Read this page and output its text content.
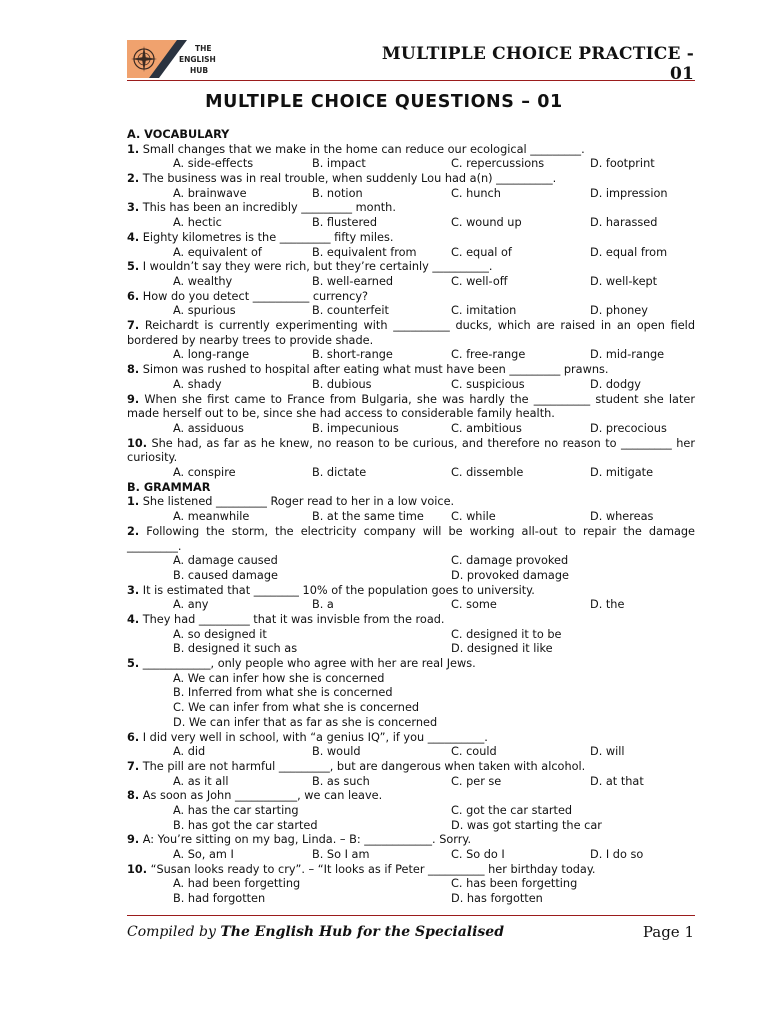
THE
ENGLISH
HUB
MULTIPLE CHOICE PRACTICE - 01
MULTIPLE CHOICE QUESTIONS – 01
A. VOCABULARY
1. Small changes that we make in the home can reduce our ecological _________.
A. side-effects	B. impact	C. repercussions	D. footprint
2. The business was in real trouble, when suddenly Lou had a(n) __________.
A. brainwave	B. notion	C. hunch	D. impression
3. This has been an incredibly _________ month.
A. hectic	B. flustered	C. wound up	D. harassed
4. Eighty kilometres is the _________ fifty miles.
A. equivalent of	B. equivalent from	C. equal of	D. equal from
5. I wouldn’t say they were rich, but they’re certainly __________.
A. wealthy	B. well-earned	C. well-off	D. well-kept
6. How do you detect __________ currency?
A. spurious	B. counterfeit	C. imitation	D. phoney
7. Reichardt is currently experimenting with __________ ducks, which are raised in an open field bordered by nearby trees to provide shade.
A. long-range	B. short-range	C. free-range	D. mid-range
8. Simon was rushed to hospital after eating what must have been _________ prawns.
A. shady	B. dubious	C. suspicious	D. dodgy
9. When she first came to France from Bulgaria, she was hardly the __________ student she later made herself out to be, since she had access to considerable family health.
A. assiduous	B. impecunious	C. ambitious	D. precocious
10. She had, as far as he knew, no reason to be curious, and therefore no reason to _________ her curiosity.
A. conspire	B. dictate	C. dissemble	D. mitigate
B. GRAMMAR
1. She listened _________ Roger read to her in a low voice.
A. meanwhile	B. at the same time C. while	D. whereas
2. Following the storm, the electricity company will be working all-out to repair the damage _________.
A. damage caused	C. damage provoked
B. caused damage	D. provoked damage
3. It is estimated that ________ 10% of the population goes to university.
A. any	B. a	C. some	D. the
4. They had _________ that it was invisble from the road.
A. so designed it	C. designed it to be
B. designed it such as	D. designed it like
5. ____________, only people who agree with her are real Jews.
A. We can infer how she is concerned
B. Inferred from what she is concerned
C. We can infer from what she is concerned
D. We can infer that as far as she is concerned
6. I did very well in school, with “a genius IQ”, if you __________.
A. did	B. would	C. could	D. will
7. The pill are not harmful _________, but are dangerous when taken with alcohol.
A. as it all	B. as such	C. per se	D. at that
8. As soon as John ___________, we can leave.
A. has the car starting	C. got the car started
B. has got the car started	D. was got starting the car
9. A: You’re sitting on my bag, Linda. – B: ____________. Sorry.
A. So, am I	B. So I am	C. So do I	D. I do so
10. “Susan looks ready to cry”. – “It looks as if Peter __________ her birthday today.
A. had been forgetting	C. has been forgetting
B. had forgotten	D. has forgotten
Compiled by The English Hub for the Specialised	Page 1
